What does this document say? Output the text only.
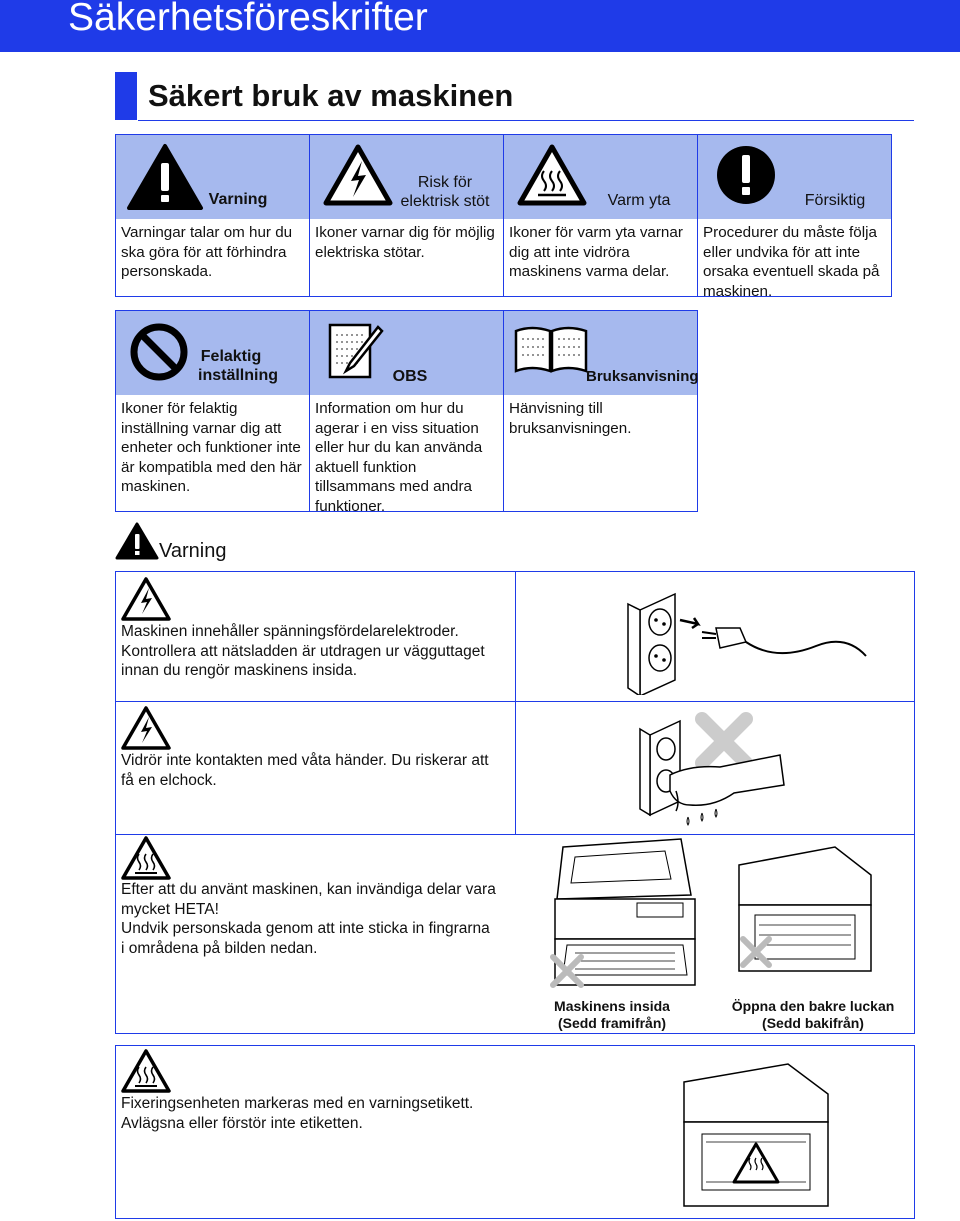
Säkerhetsföreskrifter
Säkert bruk av maskinen
Varning
Varningar talar om hur du ska göra för att förhindra personskada.
Risk för elektrisk stöt
Ikoner varnar dig för möjlig elektriska stötar.
Varm yta
Ikoner för varm yta varnar dig att inte vidröra maskinens varma delar.
Försiktig
Procedurer du måste följa eller undvika för att inte orsaka eventuell skada på maskinen.
Felaktig inställning
Ikoner för felaktig inställning varnar dig att enheter och funktioner inte är kompatibla med den här maskinen.
OBS
Information om hur du agerar i en viss situation eller hur du kan använda aktuell funktion tillsammans med andra funktioner.
Bruksanvisning
Hänvisning till bruksanvisningen.
Varning
Maskinen innehåller spänningsfördelarelektroder.
Kontrollera att nätsladden är utdragen ur vägguttaget
innan du rengör maskinens insida.
Vidrör inte kontakten med våta händer. Du riskerar att
få en elchock.
Efter att du använt maskinen, kan invändiga delar vara
mycket HETA!
Undvik personskada genom att inte sticka in fingrarna
i områdena på bilden nedan.
Maskinens insida
(Sedd framifrån)
Öppna den bakre luckan
(Sedd bakifrån)
Fixeringsenheten markeras med en varningsetikett.
Avlägsna eller förstör inte etiketten.
